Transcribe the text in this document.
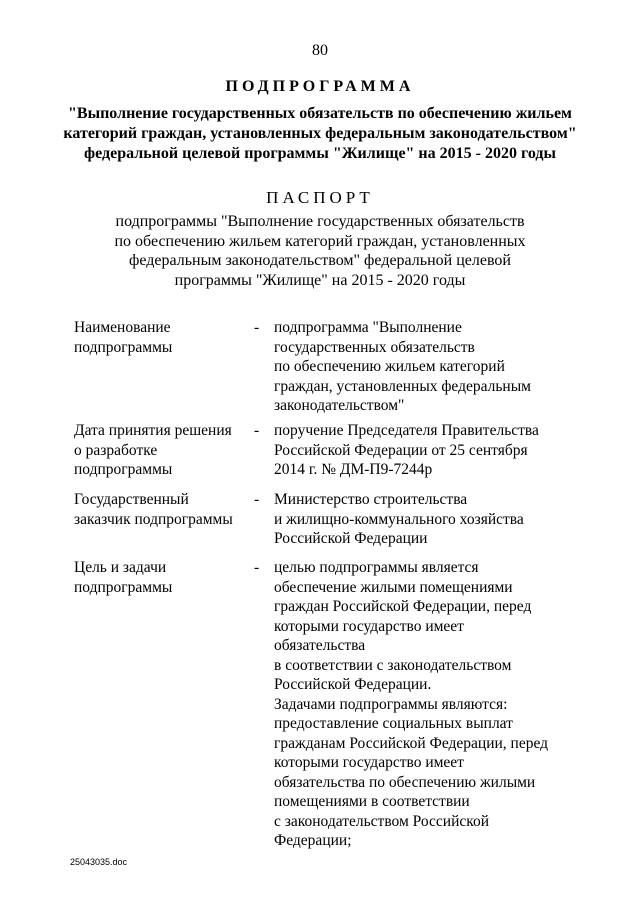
80
ПОДПРОГРАММА
"Выполнение государственных обязательств по обеспечению жильем
категорий граждан, установленных федеральным законодательством"
федеральной целевой программы "Жилище" на 2015 - 2020 годы
ПАСПОРТ
подпрограммы "Выполнение государственных обязательств
по обеспечению жильем категорий граждан, установленных
федеральным законодательством" федеральной целевой
программы "Жилище" на 2015 - 2020 годы
Наименование
подпрограммы
- подпрограмма "Выполнение
государственных обязательств
по обеспечению жильем категорий
граждан, установленных федеральным
законодательством"
Дата принятия решения
о разработке
подпрограммы
- поручение Председателя Правительства
Российской Федерации от 25 сентября
2014 г. № ДМ-П9-7244р
Государственный
заказчик подпрограммы
- Министерство строительства
и жилищно-коммунального хозяйства
Российской Федерации
Цель и задачи
подпрограммы
- целью подпрограммы является
обеспечение жилыми помещениями
граждан Российской Федерации, перед
которыми государство имеет
обязательства
в соответствии с законодательством
Российской Федерации.
Задачами подпрограммы являются:
предоставление социальных выплат
гражданам Российской Федерации, перед
которыми государство имеет
обязательства по обеспечению жилыми
помещениями в соответствии
с законодательством Российской
Федерации;
25043035.doc
